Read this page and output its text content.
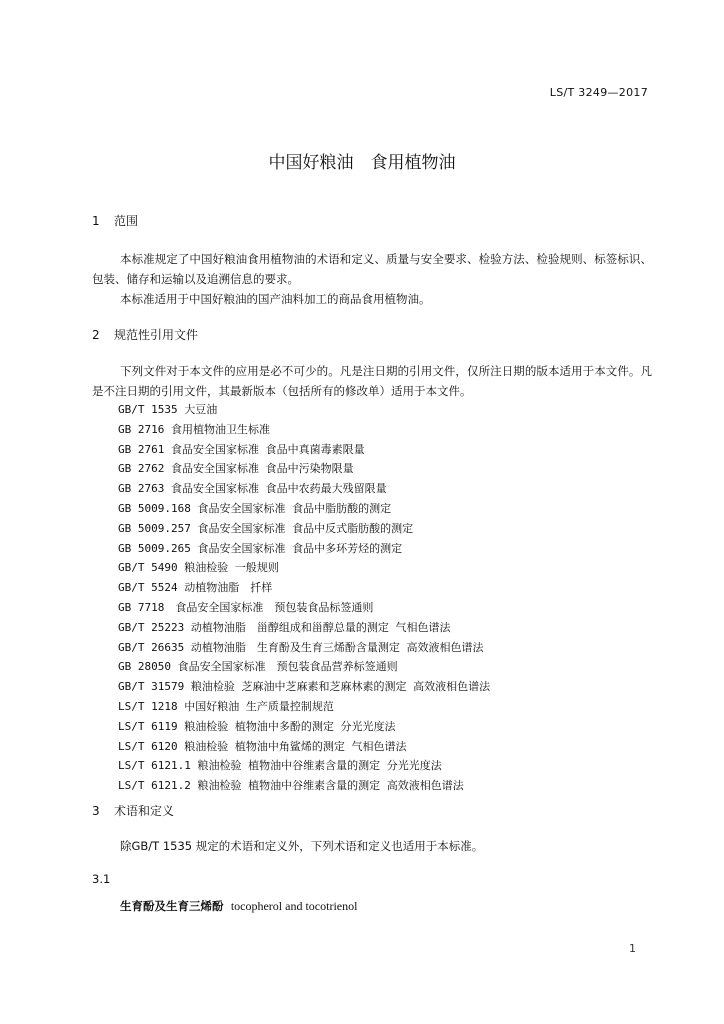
LS/T 3249—2017
中国好粮油　食用植物油
1 范围
本标准规定了中国好粮油食用植物油的术语和定义、质量与安全要求、检验方法、检验规则、标签标识、包装、储存和运输以及追溯信息的要求。
本标准适用于中国好粮油的国产油料加工的商品食用植物油。
2 规范性引用文件
下列文件对于本文件的应用是必不可少的。凡是注日期的引用文件，仅所注日期的版本适用于本文件。凡是不注日期的引用文件，其最新版本（包括所有的修改单）适用于本文件。
GB/T 1535 大豆油
GB 2716 食用植物油卫生标准
GB 2761 食品安全国家标准 食品中真菌毒素限量
GB 2762 食品安全国家标准 食品中污染物限量
GB 2763 食品安全国家标准 食品中农药最大残留限量
GB 5009.168 食品安全国家标准 食品中脂肪酸的测定
GB 5009.257 食品安全国家标准 食品中反式脂肪酸的测定
GB 5009.265 食品安全国家标准 食品中多环芳烃的测定
GB/T 5490 粮油检验 一般规则
GB/T 5524 动植物油脂　扦样
GB 7718　食品安全国家标准　预包装食品标签通则
GB/T 25223 动植物油脂　甾醇组成和甾醇总量的测定 气相色谱法
GB/T 26635 动植物油脂　生育酚及生育三烯酚含量测定 高效液相色谱法
GB 28050 食品安全国家标准　预包装食品营养标签通则
GB/T 31579 粮油检验 芝麻油中芝麻素和芝麻林素的测定 高效液相色谱法
LS/T 1218 中国好粮油 生产质量控制规范
LS/T 6119 粮油检验 植物油中多酚的测定 分光光度法
LS/T 6120 粮油检验 植物油中角鲨烯的测定 气相色谱法
LS/T 6121.1 粮油检验 植物油中谷维素含量的测定 分光光度法
LS/T 6121.2 粮油检验 植物油中谷维素含量的测定 高效液相色谱法
3 术语和定义
除GB/T 1535 规定的术语和定义外，下列术语和定义也适用于本标准。
3.1
生育酚及生育三烯酚 tocopherol and tocotrienol
1
